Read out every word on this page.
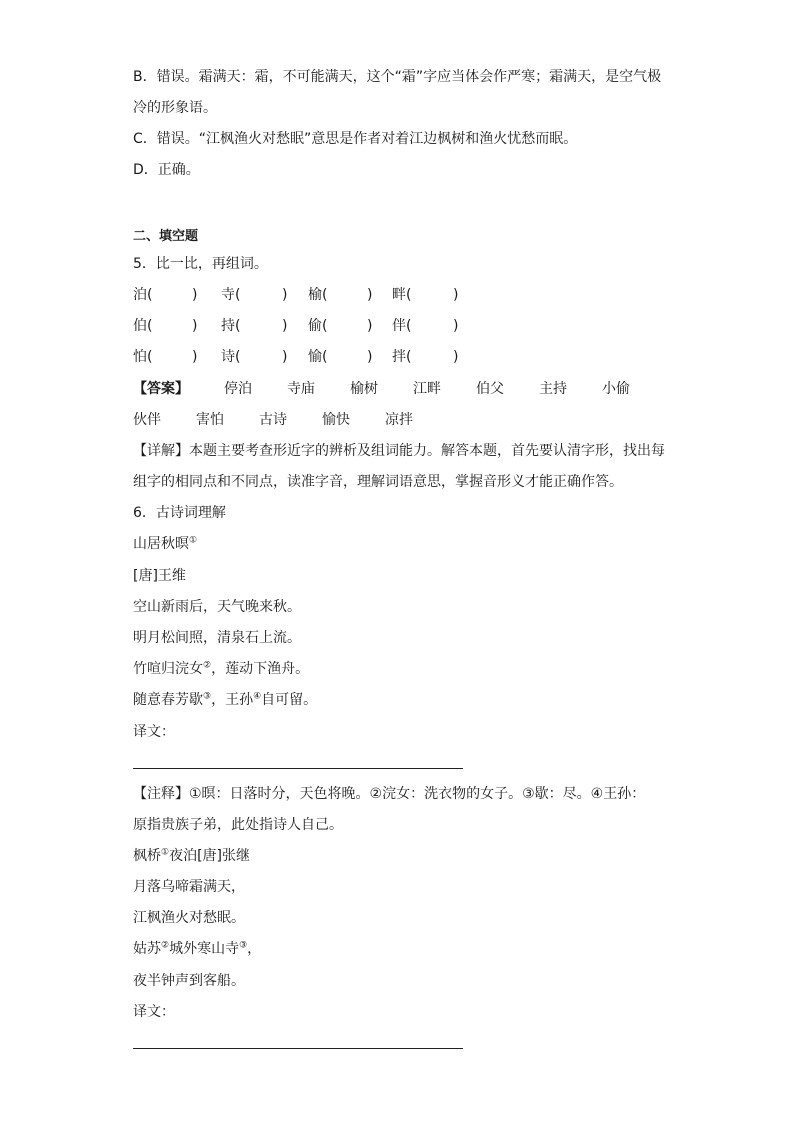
B．错误。霜满天：霜，不可能满天，这个“霜”字应当体会作严寒；霜满天，是空气极
冷的形象语。
C．错误。“江枫渔火对愁眠”意思是作者对着江边枫树和渔火忧愁而眠。
D．正确。
二、填空题
5．比一比，再组词。
泊(	) 寺(	) 榆(	) 畔(	)
伯(	) 持(	) 偷(	) 伴(	)
怕(	) 诗(	) 愉(	) 拌(	)
【答案】	停泊	寺庙	榆树	江畔	伯父	主持	小偷
伙伴	害怕	古诗	愉快	凉拌
【详解】本题主要考查形近字的辨析及组词能力。解答本题，首先要认清字形，找出每
组字的相同点和不同点，读准字音，理解词语意思，掌握音形义才能正确作答。
6．古诗词理解
山居秋暝①
[唐]王维
空山新雨后，天气晚来秋。
明月松间照，清泉石上流。
竹喧归浣女②，莲动下渔舟。
随意春芳歇③，王孙④自可留。
译文：
【注释】①暝：日落时分，天色将晚。②浣女：洗衣物的女子。③歇：尽。④王孙：
原指贵族子弟，此处指诗人自己。
枫桥①夜泊[唐]张继
月落乌啼霜满天，
江枫渔火对愁眠。
姑苏②城外寒山寺③，
夜半钟声到客船。
译文：
